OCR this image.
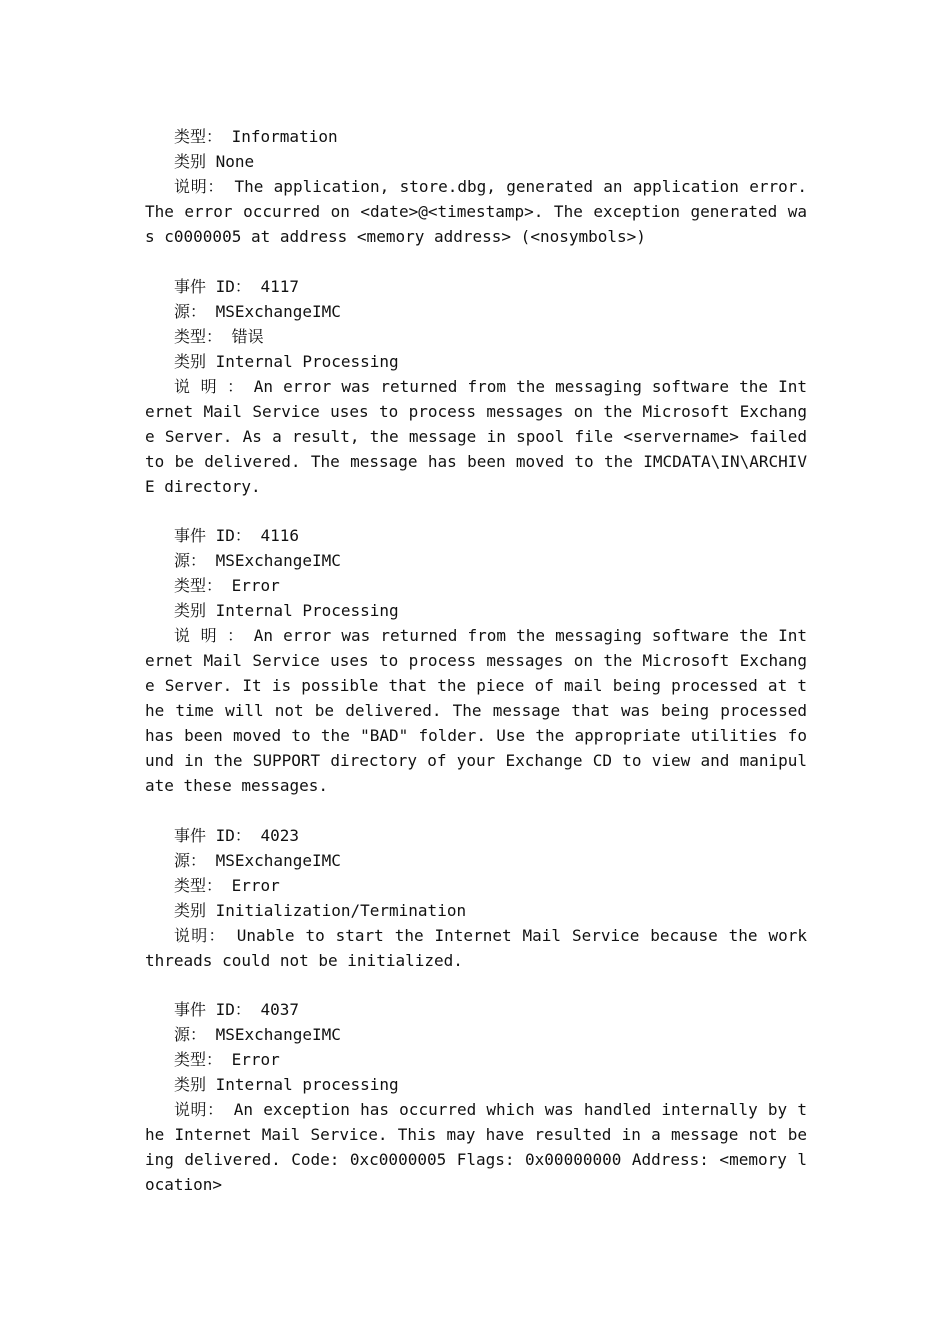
类型： Information
类别 None
说明： The application, store.dbg, generated an application error. The error occurred on <date>@<timestamp>. The exception generated was c0000005 at address <memory address> (<nosymbols>)
事件 ID： 4117
源： MSExchangeIMC
类型： 错误
类别 Internal Processing
说 明 ： An error was returned from the messaging software the Internet Mail Service uses to process messages on the Microsoft Exchange Server. As a result, the message in spool file <servername> failed to be delivered. The message has been moved to the IMCDATA\IN\ARCHIVE directory.
事件 ID： 4116
源： MSExchangeIMC
类型： Error
类别 Internal Processing
说 明 ： An error was returned from the messaging software the Internet Mail Service uses to process messages on the Microsoft Exchange Server. It is possible that the piece of mail being processed at the time will not be delivered. The message that was being processed has been moved to the "BAD" folder. Use the appropriate utilities found in the SUPPORT directory of your Exchange CD to view and manipulate these messages.
事件 ID： 4023
源： MSExchangeIMC
类型： Error
类别 Initialization/Termination
说明： Unable to start the Internet Mail Service because the work threads could not be initialized.
事件 ID： 4037
源： MSExchangeIMC
类型： Error
类别 Internal processing
说明： An exception has occurred which was handled internally by the Internet Mail Service. This may have resulted in a message not being delivered. Code: 0xc0000005 Flags: 0x00000000 Address: <memory location>
